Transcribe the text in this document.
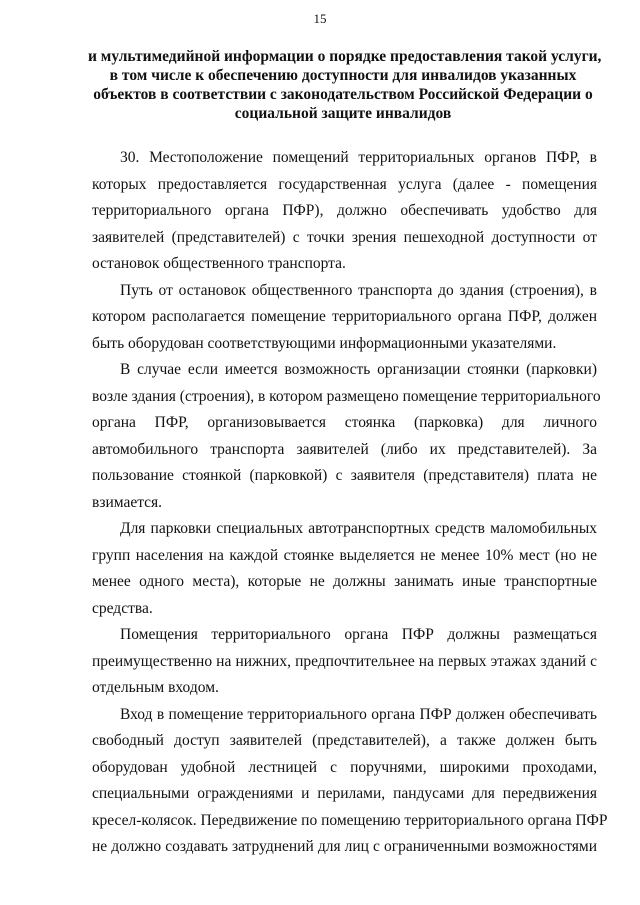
15
и мультимедийной информации о порядке предоставления такой услуги,
в том числе к обеспечению доступности для инвалидов указанных
объектов в соответствии с законодательством Российской Федерации о
социальной защите инвалидов
30. Местоположение помещений территориальных органов ПФР, в
которых предоставляется государственная услуга (далее - помещения
территориального органа ПФР), должно обеспечивать удобство для
заявителей (представителей) с точки зрения пешеходной доступности от
остановок общественного транспорта.
Путь от остановок общественного транспорта до здания (строения), в
котором располагается помещение территориального органа ПФР, должен
быть оборудован соответствующими информационными указателями.
В случае если имеется возможность организации стоянки (парковки)
возле здания (строения), в котором размещено помещение территориального
органа ПФР, организовывается стоянка (парковка) для личного
автомобильного транспорта заявителей (либо их представителей). За
пользование стоянкой (парковкой) с заявителя (представителя) плата не
взимается.
Для парковки специальных автотранспортных средств маломобильных
групп населения на каждой стоянке выделяется не менее 10% мест (но не
менее одного места), которые не должны занимать иные транспортные
средства.
Помещения территориального органа ПФР должны размещаться
преимущественно на нижних, предпочтительнее на первых этажах зданий с
отдельным входом.
Вход в помещение территориального органа ПФР должен обеспечивать
свободный доступ заявителей (представителей), а также должен быть
оборудован удобной лестницей с поручнями, широкими проходами,
специальными ограждениями и перилами, пандусами для передвижения
кресел-колясок. Передвижение по помещению территориального органа ПФР
не должно создавать затруднений для лиц с ограниченными возможностями
